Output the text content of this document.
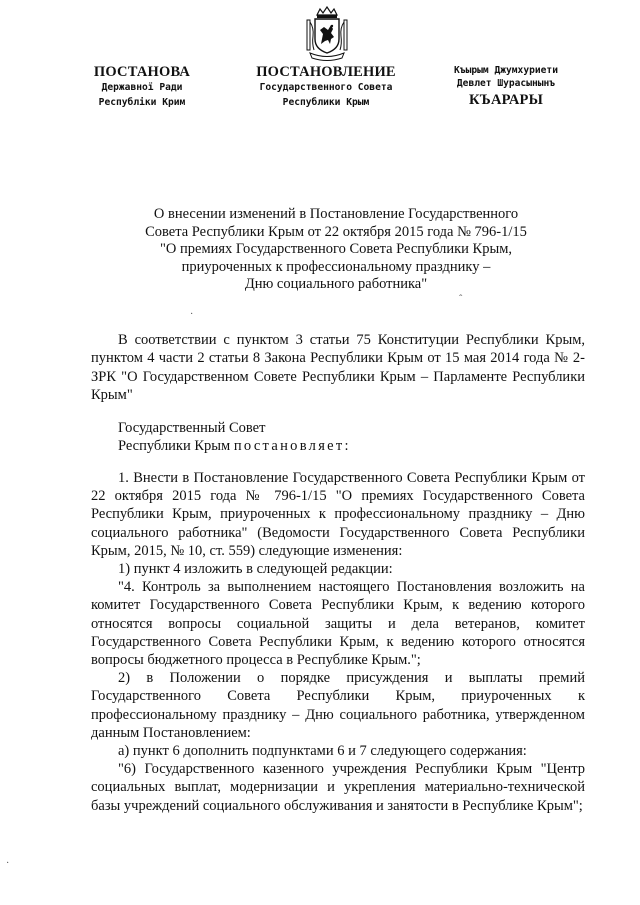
ПОСТАНОВА
Державної Ради
Республіки Крим
ПОСТАНОВЛЕНИЕ
Государственного Совета
Республики Крым
Къырым Джумхуриети
Девлет Шурасынынъ
КЪАРАРЫ
О внесении изменений в Постановление Государственного
Совета Республики Крым от 22 октября 2015 года № 796-1/15
"О премиях Государственного Совета Республики Крым,
приуроченных к профессиональному празднику –
Дню социального работника"
ˆ
·
В соответствии с пунктом 3 статьи 75 Конституции Республики Крым, пунктом 4 части 2 статьи 8 Закона Республики Крым от 15 мая 2014 года № 2-ЗРК "О Государственном Совете Республики Крым – Парламенте Республики Крым"
Государственный Совет
Республики Крым постановляет:
1. Внести в Постановление Государственного Совета Республики Крым от 22 октября 2015 года № 796-1/15 "О премиях Государственного Совета Республики Крым, приуроченных к профессиональному празднику – Дню социального работника" (Ведомости Государственного Совета Республики Крым, 2015, № 10, ст. 559) следующие изменения:
1) пункт 4 изложить в следующей редакции:
"4. Контроль за выполнением настоящего Постановления возложить на комитет Государственного Совета Республики Крым, к ведению которого относятся вопросы социальной защиты и дела ветеранов, комитет Государственного Совета Республики Крым, к ведению которого относятся вопросы бюджетного процесса в Республике Крым.";
2) в Положении о порядке присуждения и выплаты премий Государственного Совета Республики Крым, приуроченных к профессиональному празднику – Дню социального работника, утвержденном данным Постановлением:
а) пункт 6 дополнить подпунктами 6 и 7 следующего содержания:
"6) Государственного казенного учреждения Республики Крым "Центр социальных выплат, модернизации и укрепления материально-технической базы учреждений социального обслуживания и занятости в Республике Крым";
·
